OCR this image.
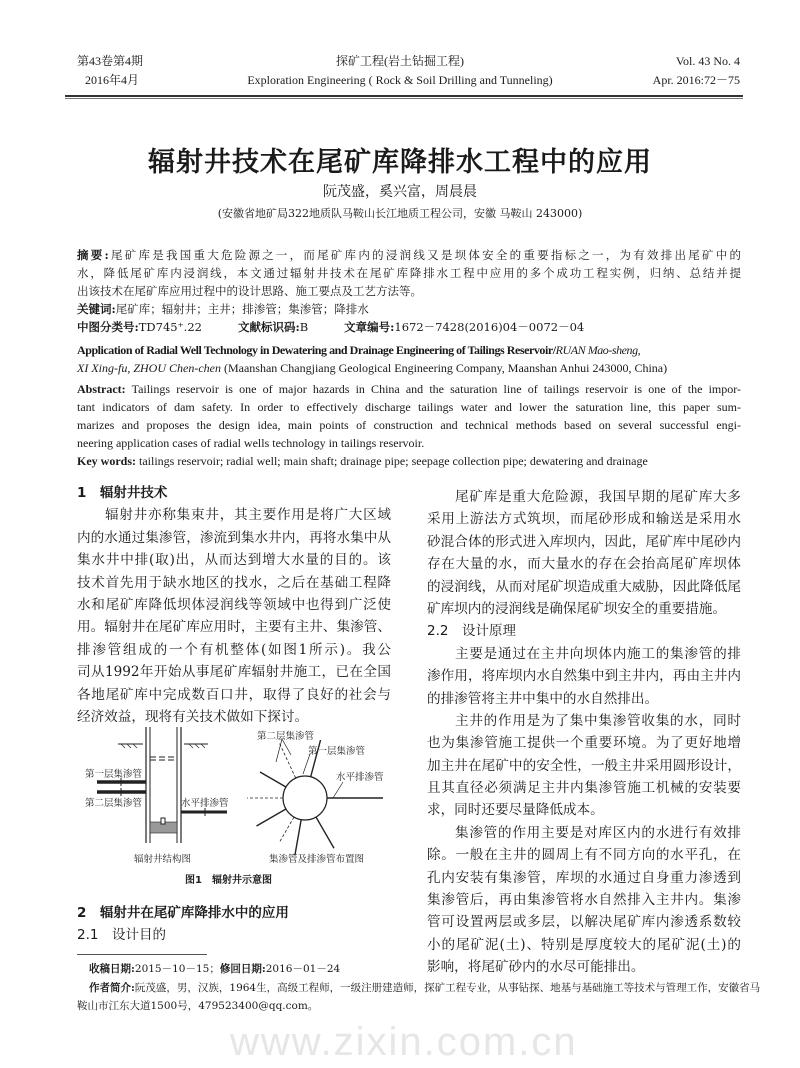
第43卷第4期
2016年4月
探矿工程(岩土钻掘工程)
Exploration Engineering ( Rock & Soil Drilling and Tunneling)
Vol. 43 No. 4
Apr. 2016:72－75
辐射井技术在尾矿库降排水工程中的应用
阮茂盛，奚兴富，周晨晨
(安徽省地矿局322地质队马鞍山长江地质工程公司，安徽 马鞍山 243000)
摘要:尾矿库是我国重大危险源之一，而尾矿库内的浸润线又是坝体安全的重要指标之一，为有效排出尾矿中的
水，降低尾矿库内浸润线，本文通过辐射井技术在尾矿库降排水工程中应用的多个成功工程实例，归纳、总结并提
出该技术在尾矿库应用过程中的设计思路、施工要点及工艺方法等。
关键词:尾矿库；辐射井；主井；排渗管；集渗管；降排水
中图分类号:TD745⁺.22	文献标识码:B	文章编号:1672－7428(2016)04－0072－04
Application of Radial Well Technology in Dewatering and Drainage Engineering of Tailings Reservoir/RUAN Mao-sheng,
XI Xing-fu, ZHOU Chen-chen (Maanshan Changjiang Geological Engineering Company, Maanshan Anhui 243000, China)
Abstract: Tailings reservoir is one of major hazards in China and the saturation line of tailings reservoir is one of the impor-
tant indicators of dam safety. In order to effectively discharge tailings water and lower the saturation line, this paper sum-
marizes and proposes the design idea, main points of construction and technical methods based on several successful engi-
neering application cases of radial wells technology in tailings reservoir.
Key words: tailings reservoir; radial well; main shaft; drainage pipe; seepage collection pipe; dewatering and drainage
1　辐射井技术
辐射井亦称集束井，其主要作用是将广大区域
内的水通过集渗管，渗流到集水井内，再将水集中从
集水井中排(取)出，从而达到增大水量的目的。该
技术首先用于缺水地区的找水，之后在基础工程降
水和尾矿库降低坝体浸润线等领域中也得到广泛使
用。辐射井在尾矿库应用时，主要有主井、集渗管、
排渗管组成的一个有机整体(如图1所示)。我公
司从1992年开始从事尾矿库辐射井施工，已在全国
各地尾矿库中完成数百口井，取得了良好的社会与
经济效益，现将有关技术做如下探讨。
尾矿库是重大危险源，我国早期的尾矿库大多
采用上游法方式筑坝，而尾砂形成和输送是采用水
砂混合体的形式进入库坝内，因此，尾矿库中尾砂内
存在大量的水，而大量水的存在会抬高尾矿库坝体
的浸润线，从而对尾矿坝造成重大威胁，因此降低尾
矿库坝内的浸润线是确保尾矿坝安全的重要措施。
2.2　设计原理
主要是通过在主井向坝体内施工的集渗管的排
渗作用，将库坝内水自然集中到主井内，再由主井内
的排渗管将主井中集中的水自然排出。
主井的作用是为了集中集渗管收集的水，同时
也为集渗管施工提供一个重要环境。为了更好地增
加主井在尾矿中的安全性，一般主井采用圆形设计，
且其直径必须满足主井内集渗管施工机械的安装要
求，同时还要尽量降低成本。
集渗管的作用主要是对库区内的水进行有效排
除。一般在主井的圆周上有不同方向的水平孔，在
孔内安装有集渗管，库坝的水通过自身重力渗透到
集渗管后，再由集渗管将水自然排入主井内。集渗
管可设置两层或多层，以解决尾矿库内渗透系数较
小的尾矿泥(土)、特别是厚度较大的尾矿泥(土)的
影响，将尾矿砂内的水尽可能排出。
第一层集渗管
第二层集渗管	水平排渗管
辐射井结构图
第二层集渗管
第一层集渗管
水平排渗管
集渗管及排渗管布置图
图1　辐射井示意图
2　辐射井在尾矿库降排水中的应用
2.1　设计目的
收稿日期:2015－10－15；修回日期:2016－01－24
作者简介:阮茂盛，男，汉族，1964生，高级工程师，一级注册建造师，探矿工程专业，从事钻探、地基与基础施工等技术与管理工作，安徽省马
鞍山市江东大道1500号，479523400@qq.com。
www.zixin.com.cn
